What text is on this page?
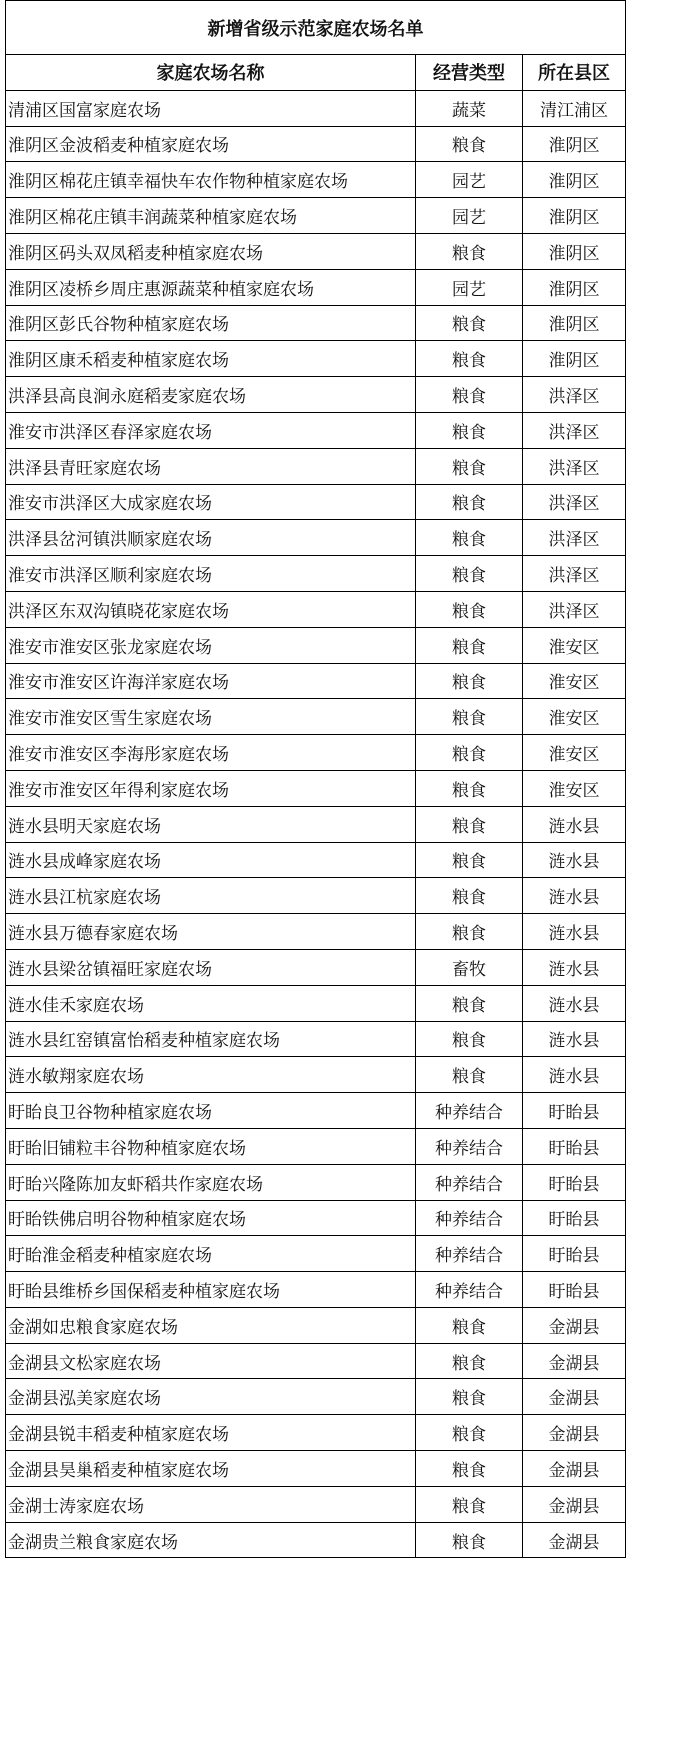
新增省级示范家庭农场名单		
家庭农场名称	经营类型	所在县区
清浦区国富家庭农场	蔬菜	清江浦区
淮阴区金波稻麦种植家庭农场	粮食	淮阴区
淮阴区棉花庄镇幸福快车农作物种植家庭农场	园艺	淮阴区
淮阴区棉花庄镇丰润蔬菜种植家庭农场	园艺	淮阴区
淮阴区码头双凤稻麦种植家庭农场	粮食	淮阴区
淮阴区凌桥乡周庄惠源蔬菜种植家庭农场	园艺	淮阴区
淮阴区彭氏谷物种植家庭农场	粮食	淮阴区
淮阴区康禾稻麦种植家庭农场	粮食	淮阴区
洪泽县高良涧永庭稻麦家庭农场	粮食	洪泽区
淮安市洪泽区春泽家庭农场	粮食	洪泽区
洪泽县青旺家庭农场	粮食	洪泽区
淮安市洪泽区大成家庭农场	粮食	洪泽区
洪泽县岔河镇洪顺家庭农场	粮食	洪泽区
淮安市洪泽区顺利家庭农场	粮食	洪泽区
洪泽区东双沟镇晓花家庭农场	粮食	洪泽区
淮安市淮安区张龙家庭农场	粮食	淮安区
淮安市淮安区许海洋家庭农场	粮食	淮安区
淮安市淮安区雪生家庭农场	粮食	淮安区
淮安市淮安区李海彤家庭农场	粮食	淮安区
淮安市淮安区年得利家庭农场	粮食	淮安区
涟水县明天家庭农场	粮食	涟水县
涟水县成峰家庭农场	粮食	涟水县
涟水县江杭家庭农场	粮食	涟水县
涟水县万德春家庭农场	粮食	涟水县
涟水县梁岔镇福旺家庭农场	畜牧	涟水县
涟水佳禾家庭农场	粮食	涟水县
涟水县红窑镇富怡稻麦种植家庭农场	粮食	涟水县
涟水敏翔家庭农场	粮食	涟水县
盱眙良卫谷物种植家庭农场	种养结合	盱眙县
盱眙旧铺粒丰谷物种植家庭农场	种养结合	盱眙县
盱眙兴隆陈加友虾稻共作家庭农场	种养结合	盱眙县
盱眙铁佛启明谷物种植家庭农场	种养结合	盱眙县
盱眙淮金稻麦种植家庭农场	种养结合	盱眙县
盱眙县维桥乡国保稻麦种植家庭农场	种养结合	盱眙县
金湖如忠粮食家庭农场	粮食	金湖县
金湖县文松家庭农场	粮食	金湖县
金湖县泓美家庭农场	粮食	金湖县
金湖县锐丰稻麦种植家庭农场	粮食	金湖县
金湖县昊巢稻麦种植家庭农场	粮食	金湖县
金湖士涛家庭农场	粮食	金湖县
金湖贵兰粮食家庭农场	粮食	金湖县
